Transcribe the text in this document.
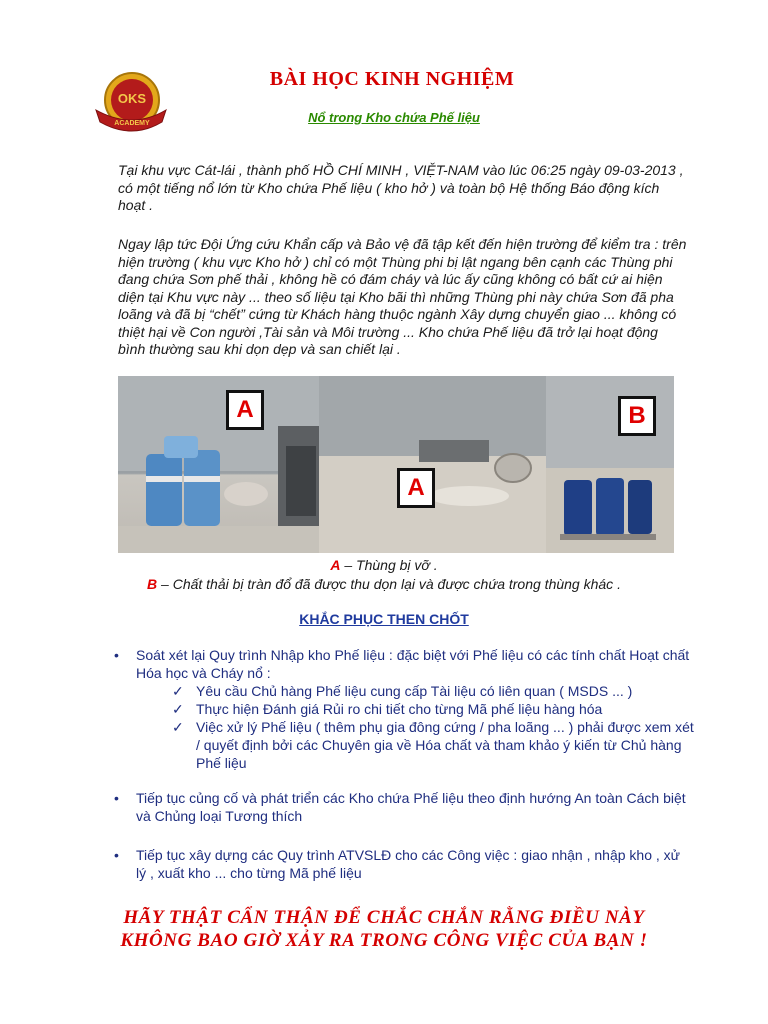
OKS
ACADEMY
BÀI HỌC KINH NGHIỆM
Nổ trong Kho chứa Phế liệu
Tại khu vực Cát-lái , thành phố HỒ CHÍ MINH , VIỆT-NAM vào lúc 06:25 ngày 09-03-2013 , có một tiếng nổ lớn từ Kho chứa Phế liệu ( kho hở ) và toàn bộ Hệ thống Báo động kích hoạt .
Ngay lập tức Đội Ứng cứu Khẩn cấp và Bảo vệ đã tập kết đến hiện trường để kiểm tra : trên hiện trường ( khu vực Kho hở ) chỉ có một Thùng phi bị lật ngang bên cạnh các Thùng phi đang chứa Sơn phế thải , không hề có đám cháy và lúc ấy cũng không có bất cứ ai hiện diện tại Khu vực này ... theo số liệu tại Kho bãi thì những Thùng phi này chứa Sơn đã pha loãng và đã bị “chết” cứng từ Khách hàng thuộc ngành Xây dựng chuyển giao ... không có thiệt hại về Con người ,Tài sản và Môi trường ... Kho chứa Phế liệu đã trở lại hoạt động bình thường sau khi dọn dẹp và san chiết lại .
A
A
B
A – Thùng bị vỡ .
B – Chất thải bị tràn đổ đã được thu dọn lại và được chứa trong thùng khác .
KHẮC PHỤC THEN CHỐT
• Soát xét lại Quy trình Nhập kho Phế liệu : đặc biệt với Phế liệu có các tính chất Hoạt chất Hóa học và Cháy nổ :
✓ Yêu cầu Chủ hàng Phế liệu cung cấp Tài liệu có liên quan ( MSDS ... )
✓ Thực hiện Đánh giá Rủi ro chi tiết cho từng Mã phế liệu hàng hóa
✓ Việc xử lý Phế liệu ( thêm phụ gia đông cứng / pha loãng ... ) phải được xem xét / quyết định bởi các Chuyên gia về Hóa chất và tham khảo ý kiến từ Chủ hàng Phế liệu
• Tiếp tục củng cố và phát triển các Kho chứa Phế liệu theo định hướng An toàn Cách biệt và Chủng loại Tương thích
• Tiếp tục xây dựng các Quy trình ATVSLĐ cho các Công việc : giao nhận , nhập kho , xử lý , xuất kho ... cho từng Mã phế liệu
HÃY THẬT CẨN THẬN ĐỂ CHẮC CHẮN RẰNG ĐIỀU NÀY
KHÔNG BAO GIỜ XẢY RA TRONG CÔNG VIỆC CỦA BẠN !
